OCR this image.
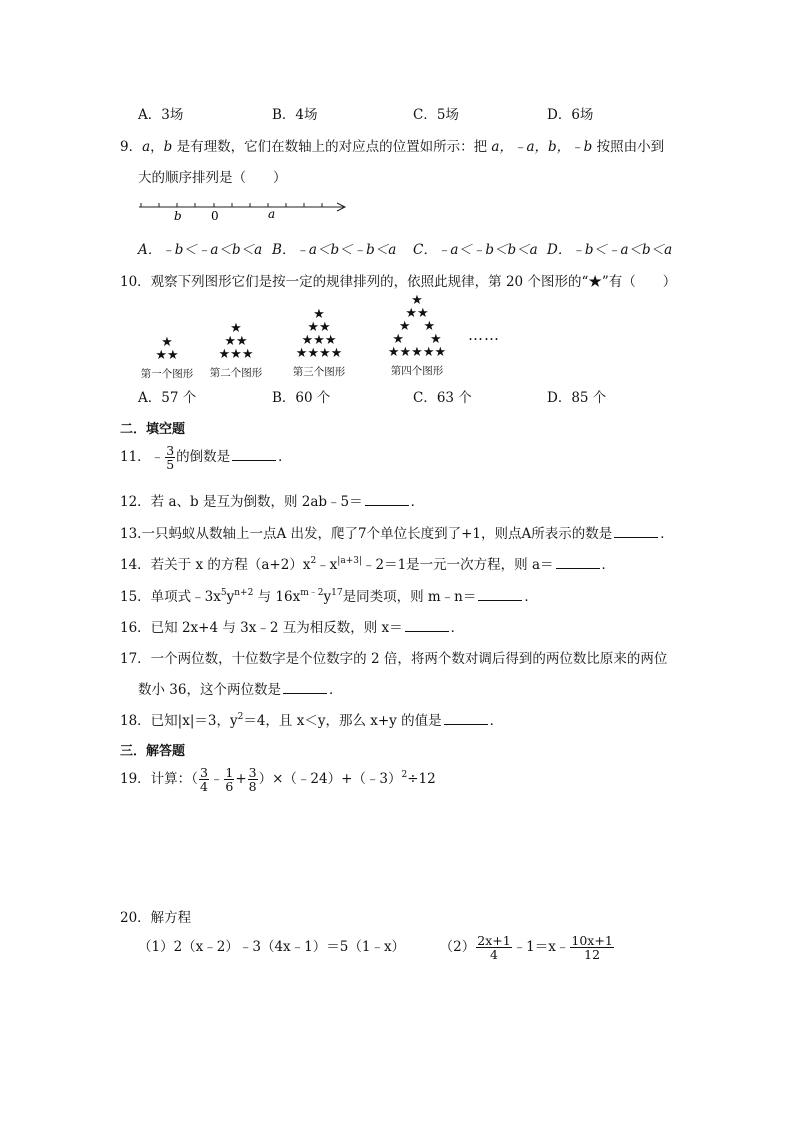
A．3场	B．4场	C．5场	D．6场
9．a，b 是有理数，它们在数轴上的对应点的位置如所示：把 a，﹣a，b，﹣b 按照由小到
大的顺序排列是（　　）
b 0	a
A．﹣b＜﹣a＜b＜a B．﹣a＜b＜﹣b＜a C．﹣a＜﹣b＜b＜a D．﹣b＜﹣a＜b＜a
10．观察下列图形它们是按一定的规律排列的，依照此规律，第 20 个图形的“★”有（　　）
★
★★
第一个图形
★
★★
★★★
第二个图形
★
★★
★★★
★★★★
第三个图形
★
★★
★　★
★　　★
★★★★★
第四个图形
……
A．57 个	B．60 个	C．63 个	D．85 个
二．填空题
11．﹣ $\frac{3}{5}$ 的倒数是	．
12．若 a、b 是互为倒数，则 2ab﹣5＝	．
13.一只蚂蚁从数轴上一点A 出发，爬了7个单位长度到了+1，则点A所表示的数是	．
14．若关于 x 的方程$(a+2)x^2﹣x^{|a+3|}﹣2=1$是一元一次方程，则 a＝	．
15．单项式$﹣3x^5y^{n+2}$ 与 $16x^{m﹣2}y^{17}$是同类项，则 m﹣n＝	．
16．已知 2x+4 与 3x﹣2 互为相反数，则 x＝	．
17．一个两位数，十位数字是个位数字的 2 倍，将两个数对调后得到的两位数比原来的两位
数小 36，这个两位数是	．
18．已知|x|＝3，$y^2=4$，且 x＜y，那么 x+y 的值是	．
三．解答题
19．计算：（ $\frac{3}{4}$ ﹣ $\frac{1}{6} + \frac{3}{8}$ ）×（﹣24）+（﹣3）$^2$÷12
20．解方程
（1）2（x﹣2）﹣3（4x﹣1）＝5（1﹣x）	$(2) \frac{2x+1}{4}$ ﹣1＝x﹣ $\frac{10x+1}{12}$
